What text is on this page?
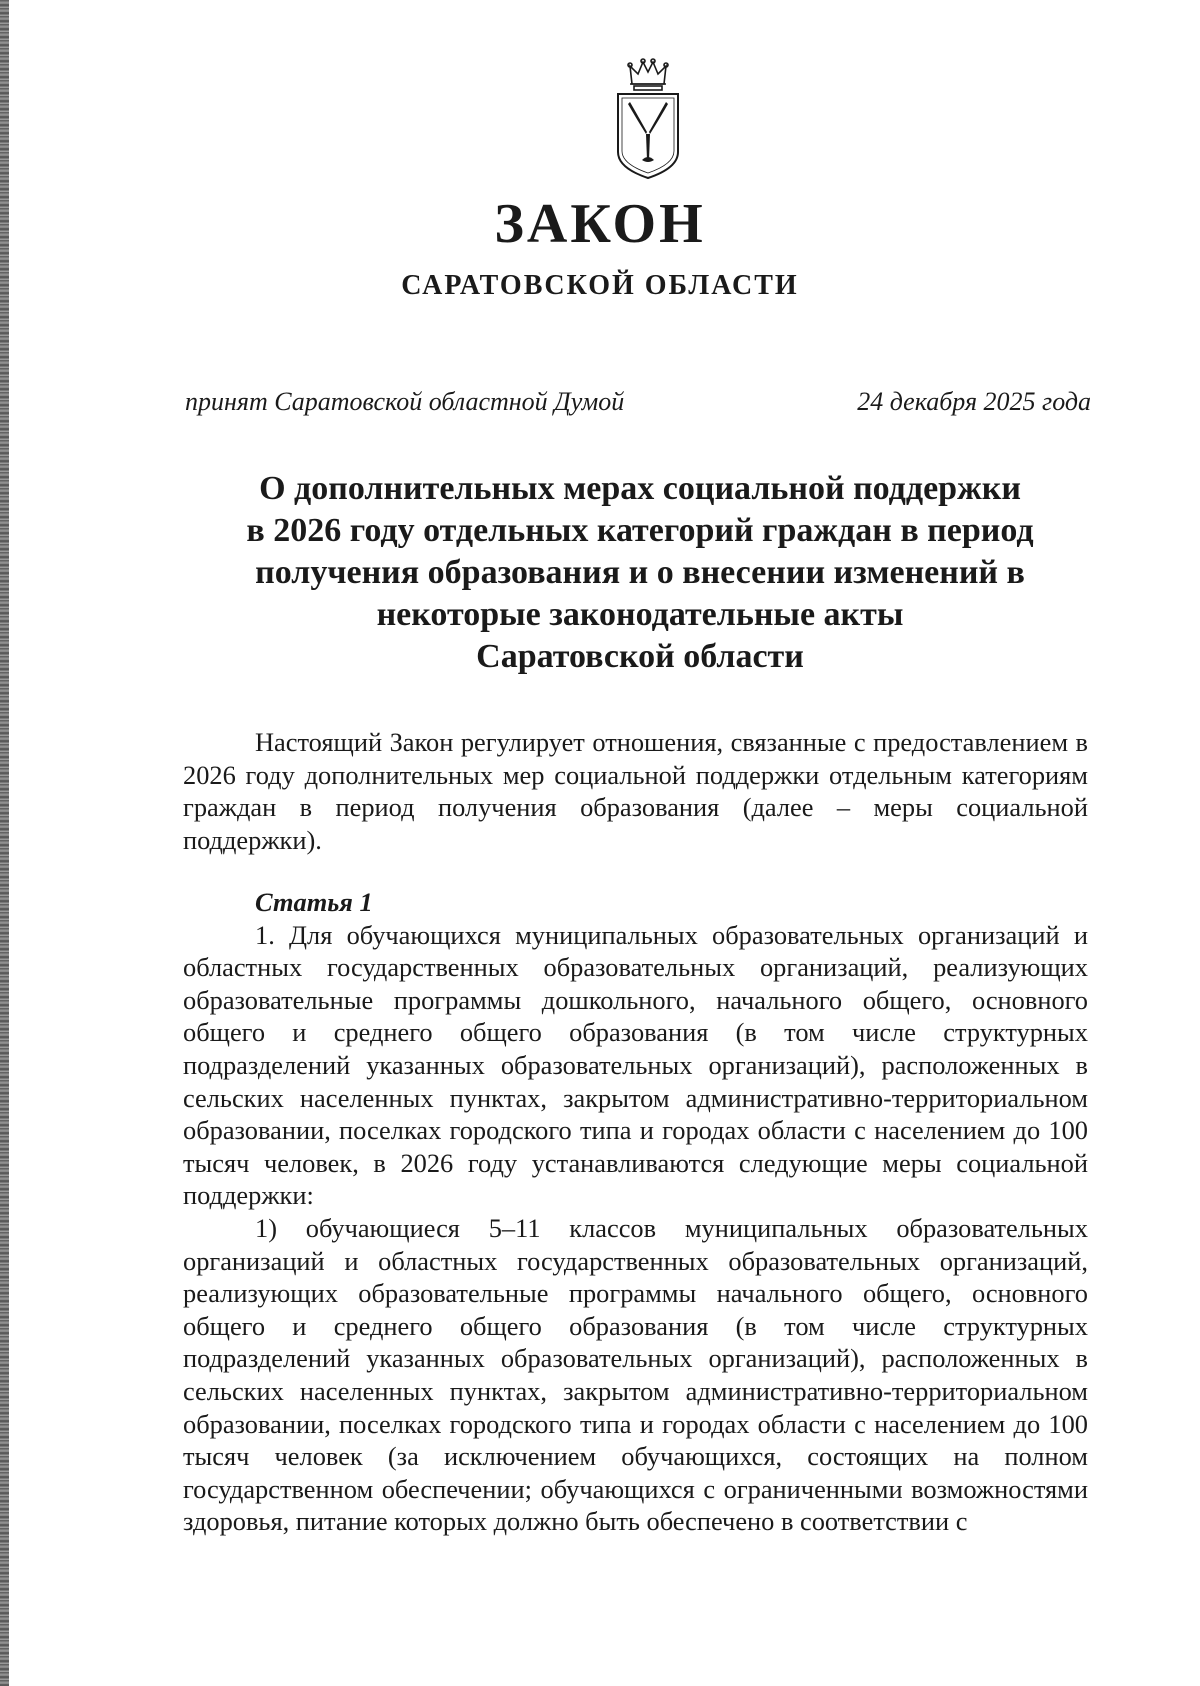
ЗАКОН
САРАТОВСКОЙ ОБЛАСТИ
принят Саратовской областной Думой	24 декабря 2025 года
О дополнительных мерах социальной поддержки
в 2026 году отдельных категорий граждан в период
получения образования и о внесении изменений в
некоторые законодательные акты
Саратовской области

Настоящий Закон регулирует отношения, связанные с предоставлением в 2026 году дополнительных мер социальной поддержки отдельным категориям граждан в период получения образования (далее – меры социальной поддержки).

Статья 1

1. Для обучающихся муниципальных образовательных организаций и областных государственных образовательных организаций, реализующих образовательные программы дошкольного, начального общего, основного общего и среднего общего образования (в том числе структурных подразделений указанных образовательных организаций), расположенных в сельских населенных пунктах, закрытом административно-территориальном образовании, поселках городского типа и городах области с населением до 100 тысяч человек, в 2026 году устанавливаются следующие меры социальной поддержки:

1) обучающиеся 5–11 классов муниципальных образовательных организаций и областных государственных образовательных организаций, реализующих образовательные программы начального общего, основного общего и среднего общего образования (в том числе структурных подразделений указанных образовательных организаций), расположенных в сельских населенных пунктах, закрытом административно-территориальном образовании, поселках городского типа и городах области с населением до 100 тысяч человек (за исключением обучающихся, состоящих на полном государственном обеспечении; обучающихся с ограниченными возможностями здоровья, питание которых должно быть обеспечено в соответствии с
